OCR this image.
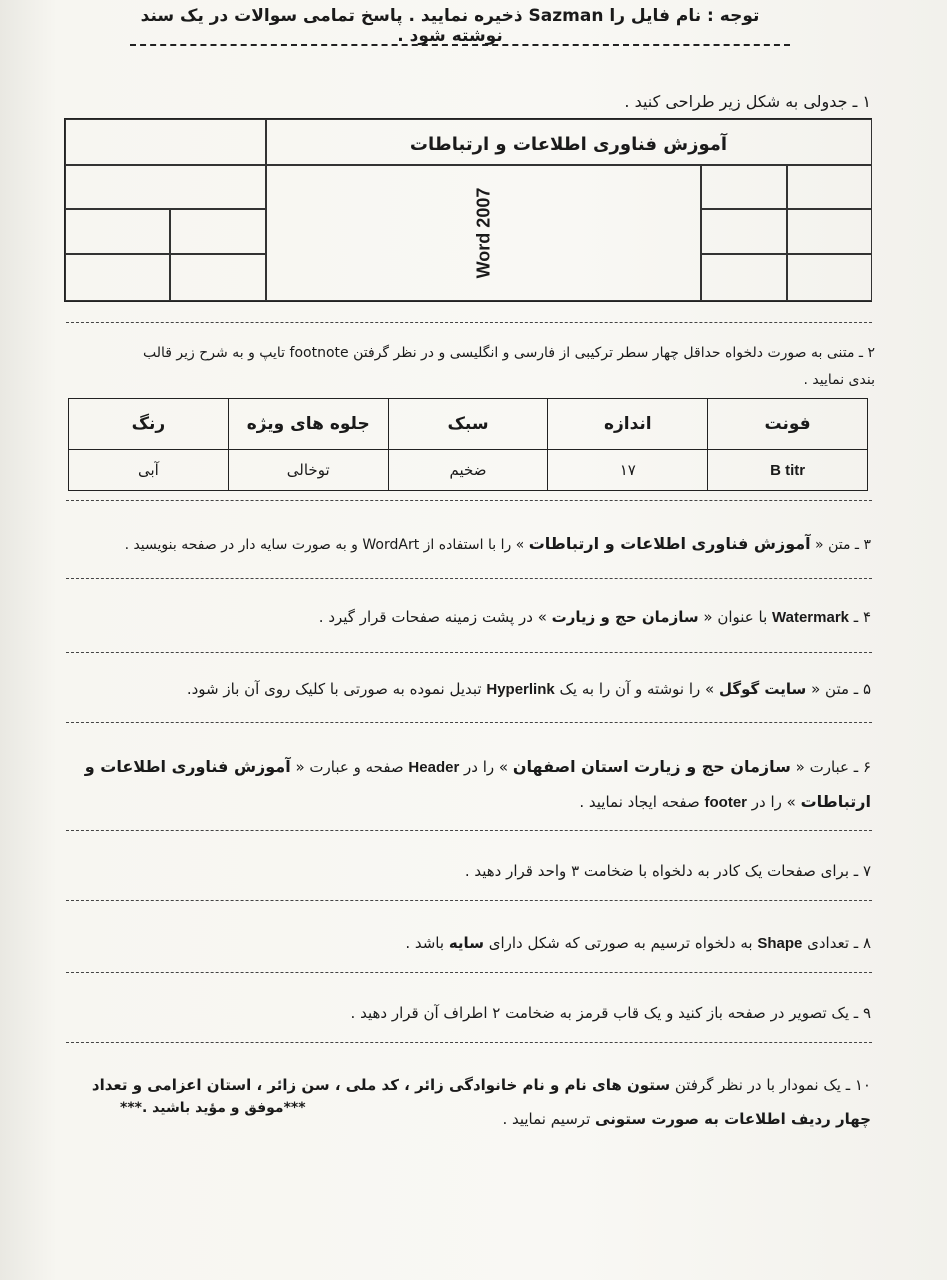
توجه : نام فایل را Sazman ذخیره نمایید . پاسخ تمامی سوالات در یک سند نوشته شود .
۱ ـ جدولی به شکل زیر طراحی کنید .
آموزش فناوری اطلاعات و ارتباطات
Word 2007
۲ ـ متنی به صورت دلخواه حداقل چهار سطر ترکیبی از فارسی و انگلیسی و در نظر گرفتن footnote تایپ و به شرح زیر قالب
بندی نمایید .
فونت	اندازه	سبک	جلوه های ویژه	رنگ
B titr	۱۷	ضخیم	توخالی	آبی
۳ ـ متن « آموزش فناوری اطلاعات و ارتباطات » را با استفاده از WordArt و به صورت سایه دار در صفحه بنویسید .
۴ ـ Watermark با عنوان « سازمان حج و زیارت » در پشت زمینه صفحات قرار گیرد .
۵ ـ متن « سایت گوگل » را نوشته و آن را به یک Hyperlink تبدیل نموده به صورتی با کلیک روی آن باز شود.
۶ ـ عبارت « سازمان حج و زیارت استان اصفهان » را در Header صفحه و عبارت « آموزش فناوری اطلاعات و ارتباطات » را در footer صفحه ایجاد نمایید .
۷ ـ برای صفحات یک کادر به دلخواه با ضخامت ۳ واحد قرار دهید .
۸ ـ تعدادی Shape به دلخواه ترسیم به صورتی که شکل دارای سایه باشد .
۹ ـ یک تصویر در صفحه باز کنید و یک قاب قرمز به ضخامت ۲ اطراف آن قرار دهید .
۱۰ ـ یک نمودار با در نظر گرفتن ستون های نام و نام خانوادگی زائر ، کد ملی ، سن زائر ، استان اعزامی و تعداد چهار ردیف اطلاعات به صورت ستونی ترسیم نمایید .
***موفق و مؤید باشید .***
